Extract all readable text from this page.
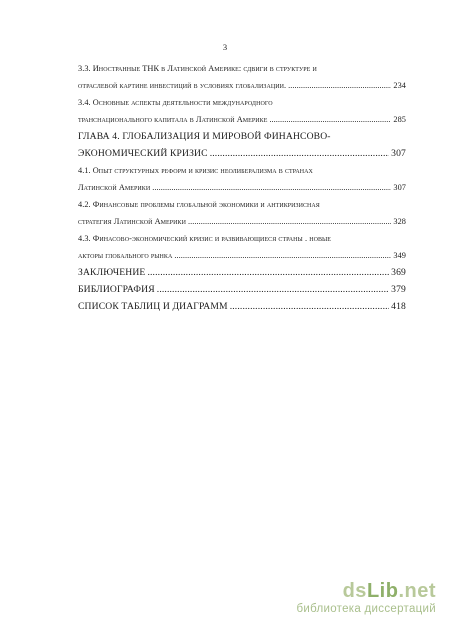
3
3.3. Иностранные ТНК в Латинской Америке: сдвиги в структуре и
отраслевой картине инвестиций в условиях глобализации. .....	234
3.4. Основные аспекты деятельности международного
транснационального капитала в Латинской Америке .....	285
ГЛАВА 4. ГЛОБАЛИЗАЦИЯ И МИРОВОЙ ФИНАНСОВО-
ЭКОНОМИЧЕСКИЙ КРИЗИС .....	307
4.1. Опыт структурных реформ и кризис неолиберализма в странах
Латинской Америки .....	307
4.2. Финансовые проблемы глобальной экономики и антикризисная
стратегия Латинской Америки .....	328
4.3. Финасово-экономический кризис и развивающиеся страны . новые
акторы глобального рынка .....	349
ЗАКЛЮЧЕНИЕ .....	369
БИБЛИОГРАФИЯ .....	379
СПИСОК ТАБЛИЦ И ДИАГРАММ .....	418
dsLib.net
библиотека диссертаций
